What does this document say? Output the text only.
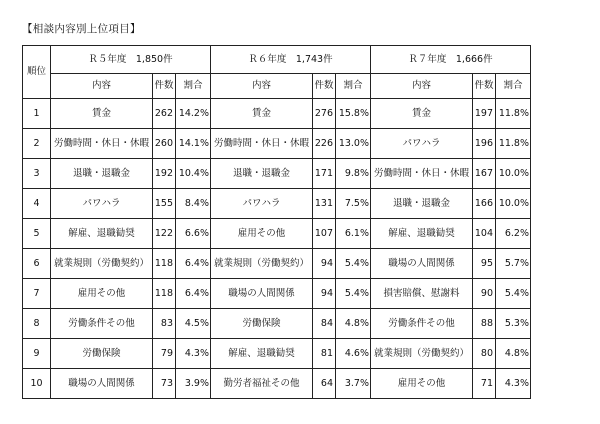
【相談内容別上位項目】
順位	Ｒ５年度　1,850件			Ｒ６年度　1,743件			Ｒ７年度　1,666件		
	内容	件数	割合	内容	件数	割合	内容	件数	割合
1	賃金	262	14.2%	賃金	276	15.8%	賃金	197	11.8%
2	労働時間・休日・休暇	260	14.1%	労働時間・休日・休暇	226	13.0%	パワハラ	196	11.8%
3	退職・退職金	192	10.4%	退職・退職金	171	9.8%	労働時間・休日・休暇	167	10.0%
4	パワハラ	155	8.4%	パワハラ	131	7.5%	退職・退職金	166	10.0%
5	解雇、退職勧奨	122	6.6%	雇用その他	107	6.1%	解雇、退職勧奨	104	6.2%
6	就業規則（労働契約）	118	6.4%	就業規則（労働契約）	94	5.4%	職場の人間関係	95	5.7%
7	雇用その他	118	6.4%	職場の人間関係	94	5.4%	損害賠償、慰謝料	90	5.4%
8	労働条件その他	83	4.5%	労働保険	84	4.8%	労働条件その他	88	5.3%
9	労働保険	79	4.3%	解雇、退職勧奨	81	4.6%	就業規則（労働契約）	80	4.8%
10	職場の人間関係	73	3.9%	勤労者福祉その他	64	3.7%	雇用その他	71	4.3%
